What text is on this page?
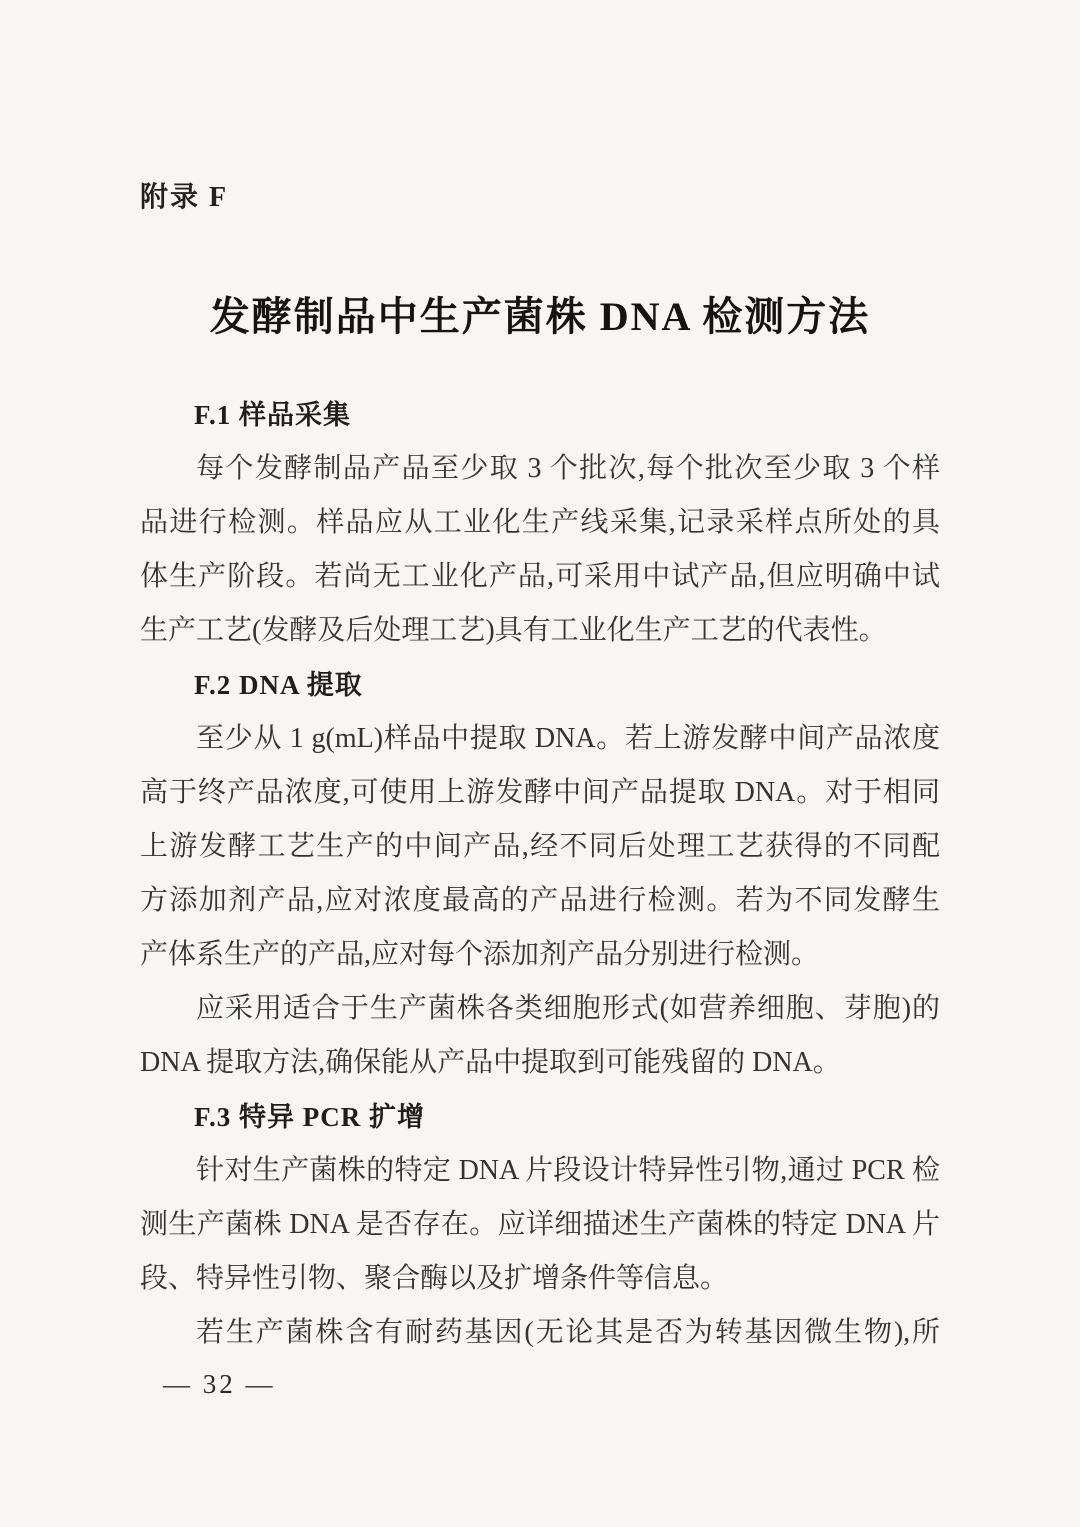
附录 F
发酵制品中生产菌株 DNA 检测方法
F.1 样品采集
每个发酵制品产品至少取 3 个批次,每个批次至少取 3 个样
品进行检测。样品应从工业化生产线采集,记录采样点所处的具
体生产阶段。若尚无工业化产品,可采用中试产品,但应明确中试
生产工艺(发酵及后处理工艺)具有工业化生产工艺的代表性。
F.2 DNA 提取
至少从 1 g(mL)样品中提取 DNA。若上游发酵中间产品浓度
高于终产品浓度,可使用上游发酵中间产品提取 DNA。对于相同
上游发酵工艺生产的中间产品,经不同后处理工艺获得的不同配
方添加剂产品,应对浓度最高的产品进行检测。若为不同发酵生
产体系生产的产品,应对每个添加剂产品分别进行检测。
应采用适合于生产菌株各类细胞形式(如营养细胞、芽胞)的
DNA 提取方法,确保能从产品中提取到可能残留的 DNA。
F.3 特异 PCR 扩增
针对生产菌株的特定 DNA 片段设计特异性引物,通过 PCR 检
测生产菌株 DNA 是否存在。应详细描述生产菌株的特定 DNA 片
段、特异性引物、聚合酶以及扩增条件等信息。
若生产菌株含有耐药基因(无论其是否为转基因微生物),所
— 32 —
